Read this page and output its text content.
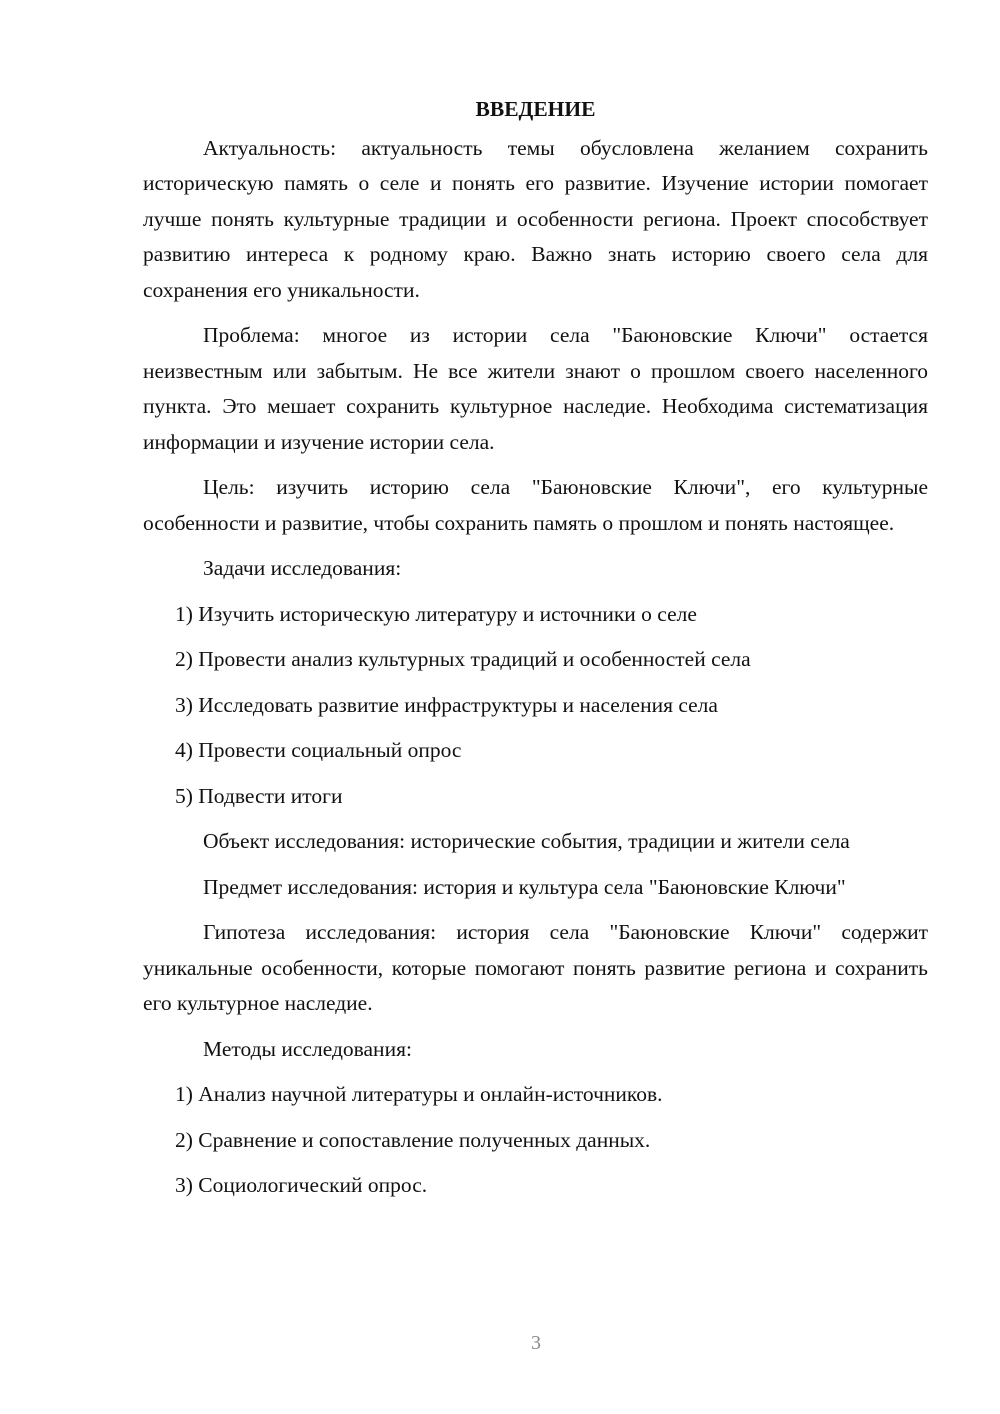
ВВЕДЕНИЕ

Актуальность: актуальность темы обусловлена желанием сохранить историческую память о селе и понять его развитие. Изучение истории помогает лучше понять культурные традиции и особенности региона. Проект способствует развитию интереса к родному краю. Важно знать историю своего села для сохранения его уникальности.

Проблема: многое из истории села "Баюновские Ключи" остается неизвестным или забытым. Не все жители знают о прошлом своего населенного пункта. Это мешает сохранить культурное наследие. Необходима систематизация информации и изучение истории села.

Цель: изучить историю села "Баюновские Ключи", его культурные особенности и развитие, чтобы сохранить память о прошлом и понять настоящее.

Задачи исследования:

1) Изучить историческую литературу и источники о селе

2) Провести анализ культурных традиций и особенностей села

3) Исследовать развитие инфраструктуры и населения села

4) Провести социальный опрос

5) Подвести итоги

Объект исследования: исторические события, традиции и жители села

Предмет исследования: история и культура села "Баюновские Ключи"

Гипотеза исследования: история села "Баюновские Ключи" содержит уникальные особенности, которые помогают понять развитие региона и сохранить его культурное наследие.

Методы исследования:

1) Анализ научной литературы и онлайн-источников.

2) Сравнение и сопоставление полученных данных.

3) Социологический опрос.

3
